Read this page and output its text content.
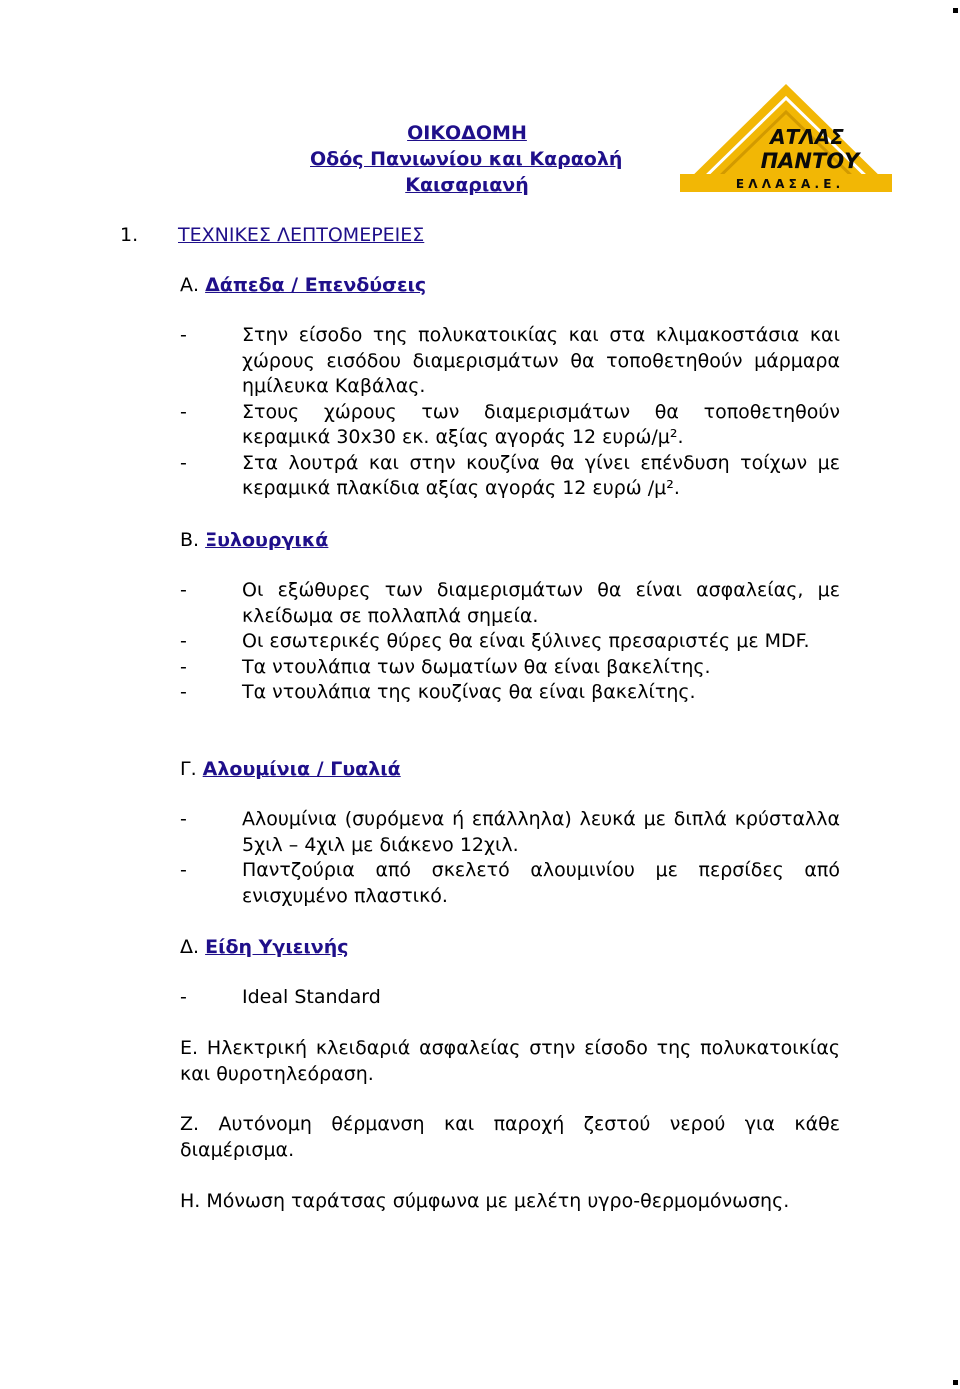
ΟΙΚΟΔΟΜΗ
Οδός Πανιωνίου και Καραολή
Καισαριανή
ΑΤΛΑΣ
ΠΑΝΤΟΥ
Ε Λ Λ Α Σ Α . Ε .
1. ΤΕΧΝΙΚΕΣ ΛΕΠΤΟΜΕΡΕΙΕΣ
Α. Δάπεδα / Επενδύσεις
-	Στην είσοδο της πολυκατοικίας και στα κλιμακοστάσια και χώρους εισόδου διαμερισμάτων θα τοποθετηθούν μάρμαρα ημίλευκα Καβάλας.
-	Στους χώρους των διαμερισμάτων θα τοποθετηθούν κεραμικά 30x30 εκ. αξίας αγοράς 12 ευρώ/μ².
-	Στα λουτρά και στην κουζίνα θα γίνει επένδυση τοίχων με κεραμικά πλακίδια αξίας αγοράς 12 ευρώ /μ².
Β. Ξυλουργικά
-	Οι εξώθυρες των διαμερισμάτων θα είναι ασφαλείας, με κλείδωμα σε πολλαπλά σημεία.
-	Οι εσωτερικές θύρες θα είναι ξύλινες πρεσαριστές με MDF.
-	Τα ντουλάπια των δωματίων θα είναι βακελίτης.
-	Τα ντουλάπια της κουζίνας θα είναι βακελίτης.
Γ. Αλουμίνια / Γυαλιά
-	Αλουμίνια (συρόμενα ή επάλληλα) λευκά με διπλά κρύσταλλα 5χιλ – 4χιλ με διάκενο 12χιλ.
-	Παντζούρια από σκελετό αλουμινίου με περσίδες από ενισχυμένο πλαστικό.
Δ. Είδη Υγιεινής
-	Ideal Standard
Ε. Ηλεκτρική κλειδαριά ασφαλείας στην είσοδο της πολυκατοικίας και θυροτηλεόραση.
Ζ. Αυτόνομη θέρμανση και παροχή ζεστού νερού για κάθε διαμέρισμα.
Η. Μόνωση ταράτσας σύμφωνα με μελέτη υγρο-θερμομόνωσης.
